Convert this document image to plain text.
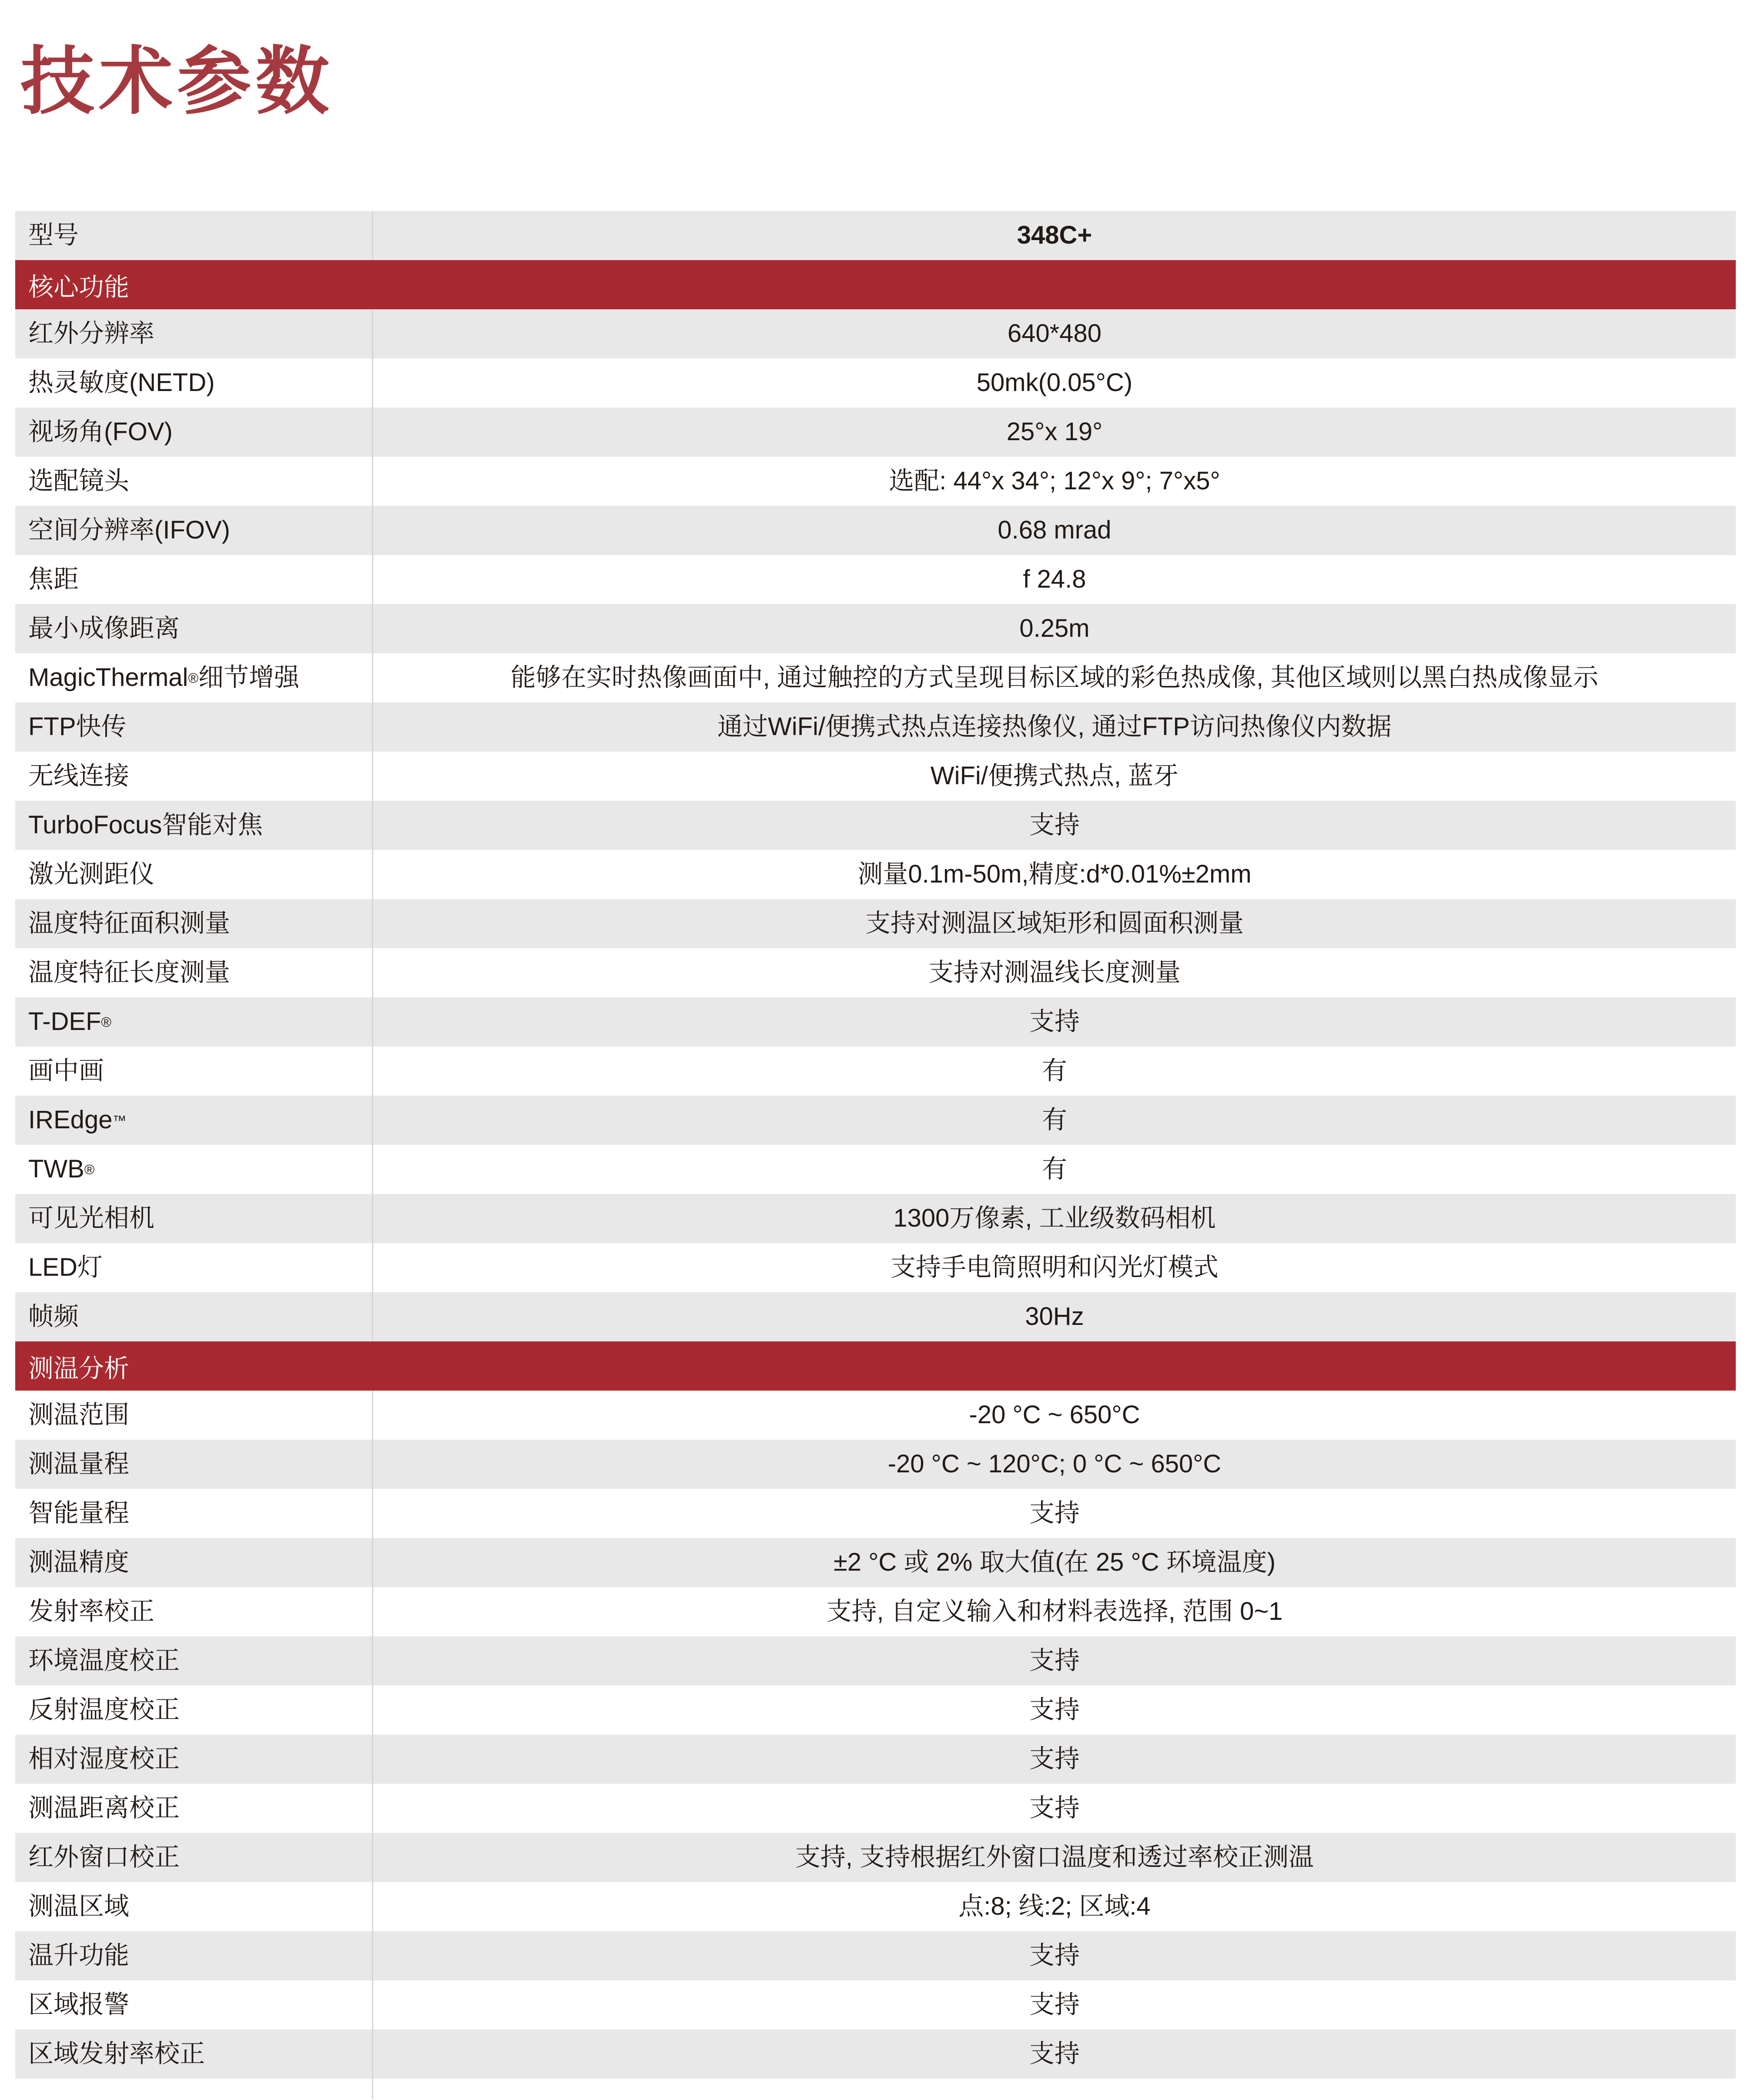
技术参数
型号	348C+
核心功能
红外分辨率	640*480
热灵敏度(NETD)	50mk(0.05°C)
视场角(FOV)	25°x 19°
选配镜头	选配: 44°x 34°; 12°x 9°; 7°x5°
空间分辨率(IFOV)	0.68 mrad
焦距	f 24.8
最小成像距离	0.25m
MagicThermal ® 细节增强	能够在实时热像画面中, 通过触控的方式呈现目标区域的彩色热成像, 其他区域则以黑白热成像显示
FTP快传	通过WiFi/便携式热点连接热像仪, 通过FTP访问热像仪内数据
无线连接	WiFi/便携式热点, 蓝牙
TurboFocus智能对焦	支持
激光测距仪	测量0.1m-50m,精度:d*0.01%±2mm
温度特征面积测量	支持对测温区域矩形和圆面积测量
温度特征长度测量	支持对测温线长度测量
T-DEF ®	支持
画中画	有
IREdge ™	有
TWB ®	有
可见光相机	1300万像素, 工业级数码相机
LED灯	支持手电筒照明和闪光灯模式
帧频	30Hz
测温分析
测温范围	-20 °C ~ 650°C
测温量程	-20 °C ~ 120°C; 0 °C ~ 650°C
智能量程	支持
测温精度	±2 °C 或 2% 取大值(在 25 °C 环境温度)
发射率校正	支持, 自定义输入和材料表选择, 范围 0~1
环境温度校正	支持
反射温度校正	支持
相对湿度校正	支持
测温距离校正	支持
红外窗口校正	支持, 支持根据红外窗口温度和透过率校正测温
测温区域	点:8; 线:2; 区域:4
温升功能	支持
区域报警	支持
区域发射率校正	支持
